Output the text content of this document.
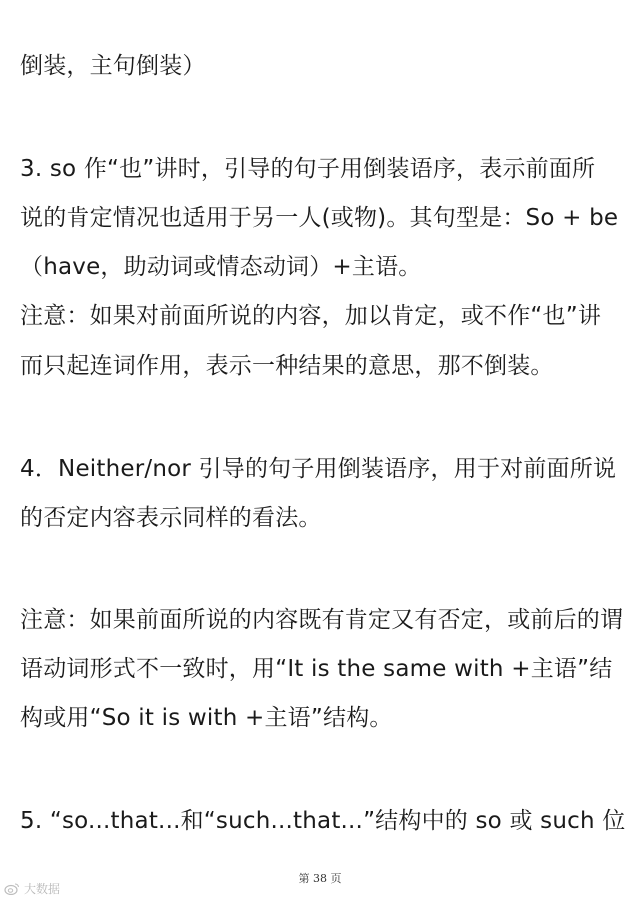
倒装，主句倒装）
3. so 作“也”讲时，引导的句子用倒装语序，表示前面所
说的肯定情况也适用于另一人(或物)。其句型是：So + be
（have，助动词或情态动词）+主语。
注意：如果对前面所说的内容，加以肯定，或不作“也”讲
而只起连词作用，表示一种结果的意思，那不倒装。
4．Neither/nor 引导的句子用倒装语序，用于对前面所说
的否定内容表示同样的看法。
注意：如果前面所说的内容既有肯定又有否定，或前后的谓
语动词形式不一致时，用“It is the same with +主语”结
构或用“So it is with +主语”结构。
5. “so...that...和“such...that...”结构中的 so 或 such 位
第 38 页
大数据
